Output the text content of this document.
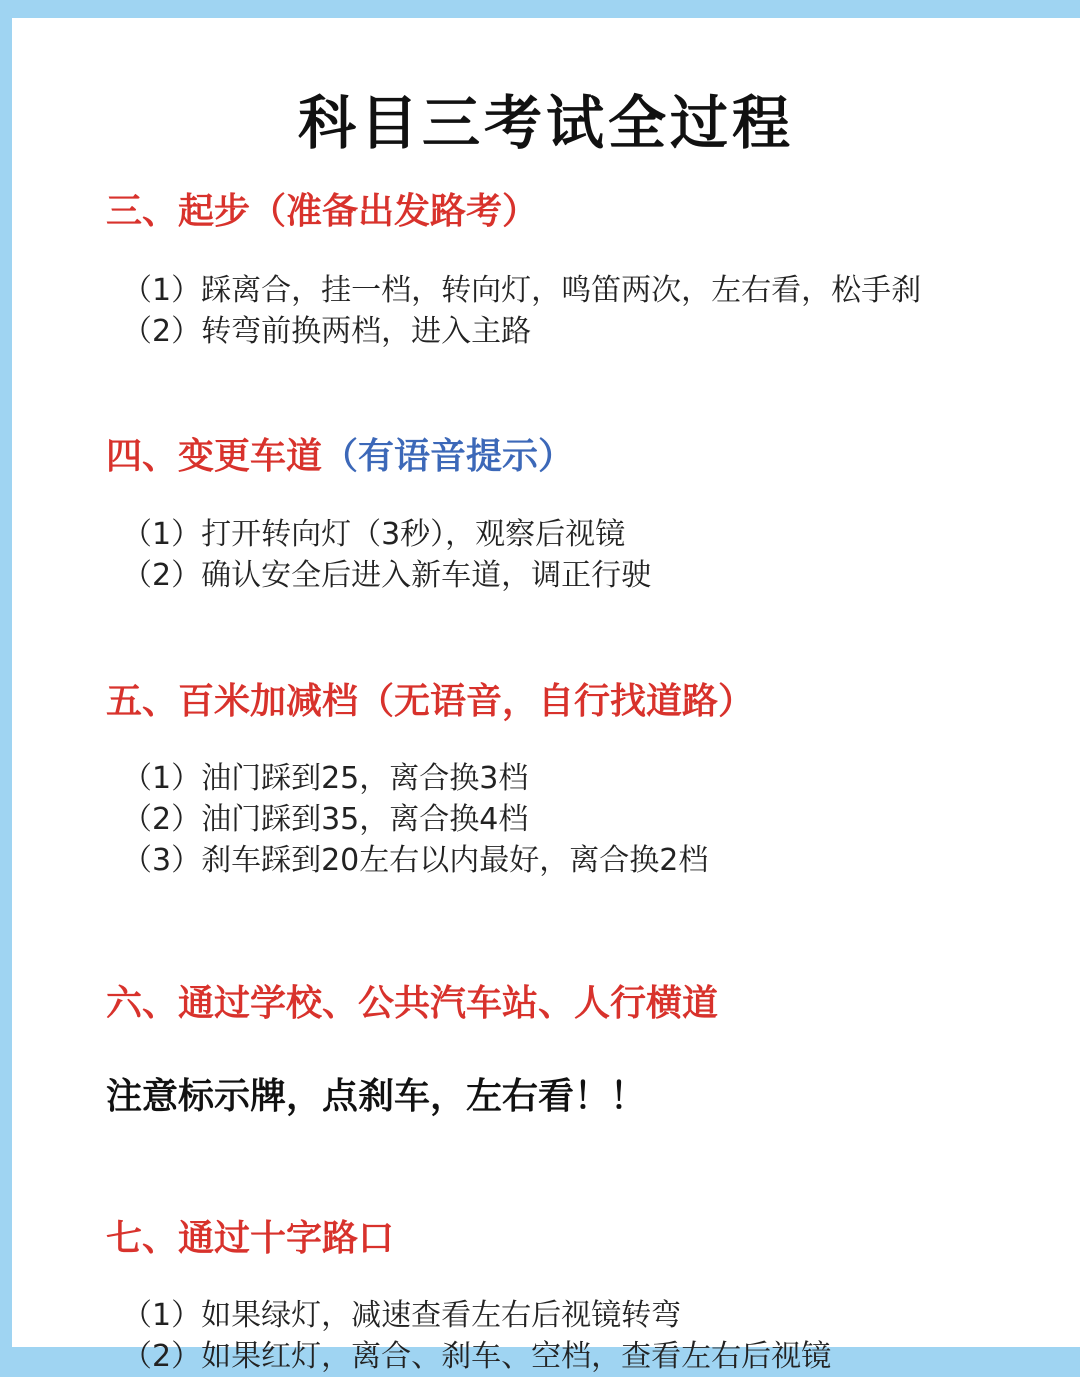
科目三考试全过程
三、起步（准备出发路考）
（1）踩离合，挂一档，转向灯，鸣笛两次，左右看，松手刹
（2）转弯前换两档，进入主路
四、变更车道（有语音提示）
（1）打开转向灯（3秒），观察后视镜
（2）确认安全后进入新车道，调正行驶
五、百米加减档（无语音，自行找道路）
（1）油门踩到25，离合换3档
（2）油门踩到35，离合换4档
（3）刹车踩到20左右以内最好，离合换2档
六、通过学校、公共汽车站、人行横道

注意标示牌，点刹车，左右看！！

七、通过十字路口
（1）如果绿灯，减速查看左右后视镜转弯
（2）如果红灯，离合、刹车、空档，查看左右后视镜
